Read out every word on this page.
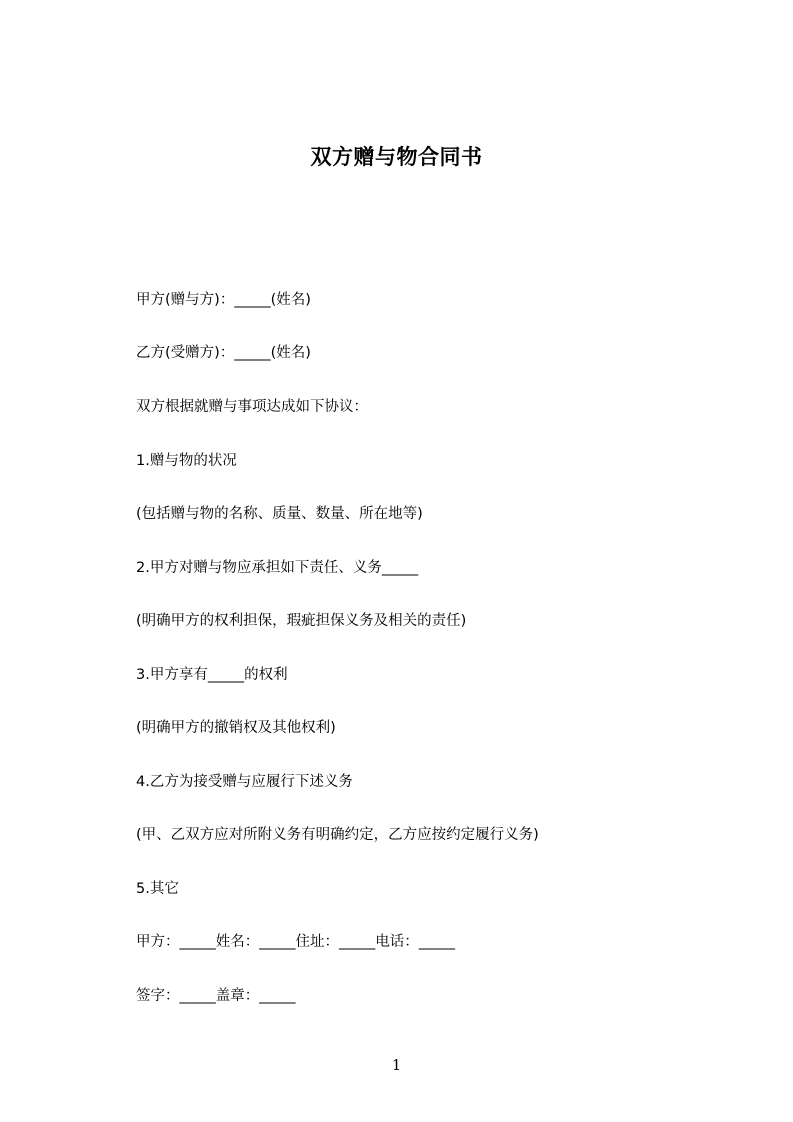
双方赠与物合同书
甲方(赠与方)：_____(姓名)
乙方(受赠方)：_____(姓名)
双方根据就赠与事项达成如下协议：
1.赠与物的状况
(包括赠与物的名称、质量、数量、所在地等)
2.甲方对赠与物应承担如下责任、义务_____
(明确甲方的权利担保，瑕疵担保义务及相关的责任)
3.甲方享有_____的权利
(明确甲方的撤销权及其他权利)
4.乙方为接受赠与应履行下述义务
(甲、乙双方应对所附义务有明确约定，乙方应按约定履行义务)
5.其它
甲方：_____姓名：_____住址：_____电话：_____
签字：_____盖章：_____
1
